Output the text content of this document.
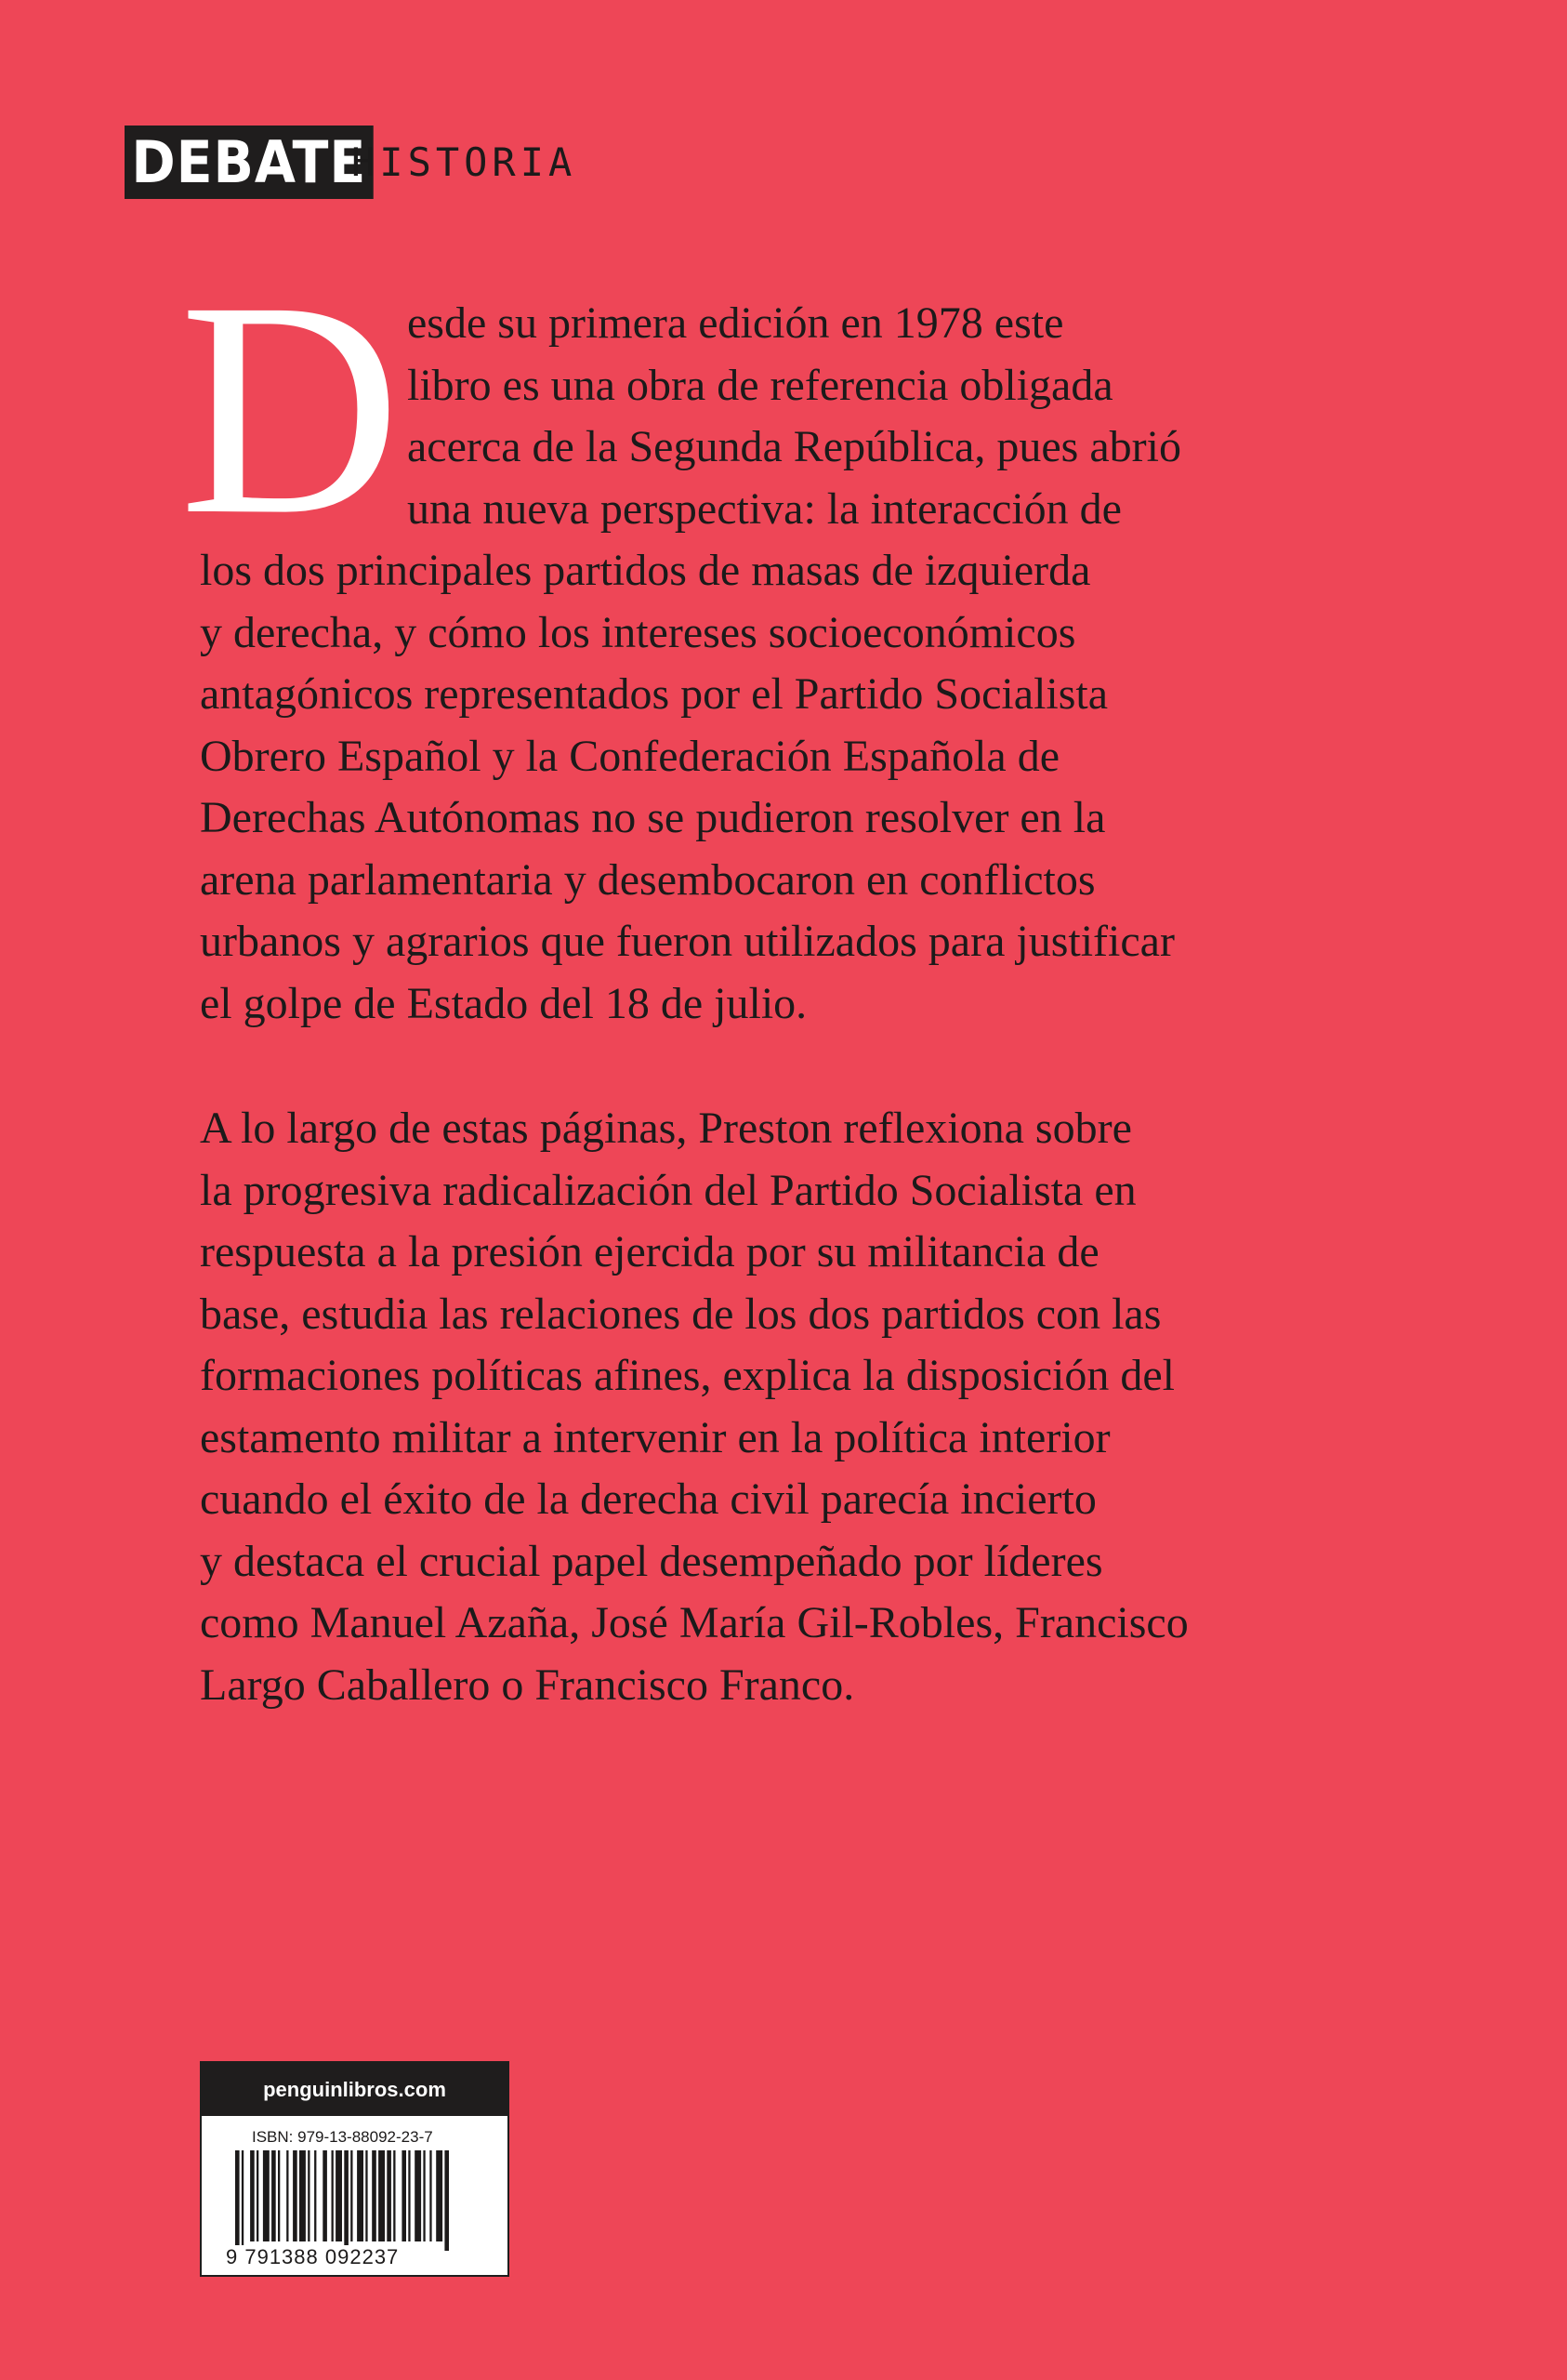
DEBATE
HISTORIA
D esde su primera edición en 1978 este
libro es una obra de referencia obligada
acerca de la Segunda República, pues abrió
una nueva perspectiva: la interacción de
los dos principales partidos de masas de izquierda
y derecha, y cómo los intereses socioeconómicos
antagónicos representados por el Partido Socialista
Obrero Español y la Confederación Española de
Derechas Autónomas no se pudieron resolver en la
arena parlamentaria y desembocaron en conflictos
urbanos y agrarios que fueron utilizados para justificar
el golpe de Estado del 18 de julio.
A lo largo de estas páginas, Preston reflexiona sobre
la progresiva radicalización del Partido Socialista en
respuesta a la presión ejercida por su militancia de
base, estudia las relaciones de los dos partidos con las
formaciones políticas afines, explica la disposición del
estamento militar a intervenir en la política interior
cuando el éxito de la derecha civil parecía incierto
y destaca el crucial papel desempeñado por líderes
como Manuel Azaña, José María Gil-Robles, Francisco
Largo Caballero o Francisco Franco.
penguinlibros.com
ISBN: 979-13-88092-23-7
9 791388 092237
